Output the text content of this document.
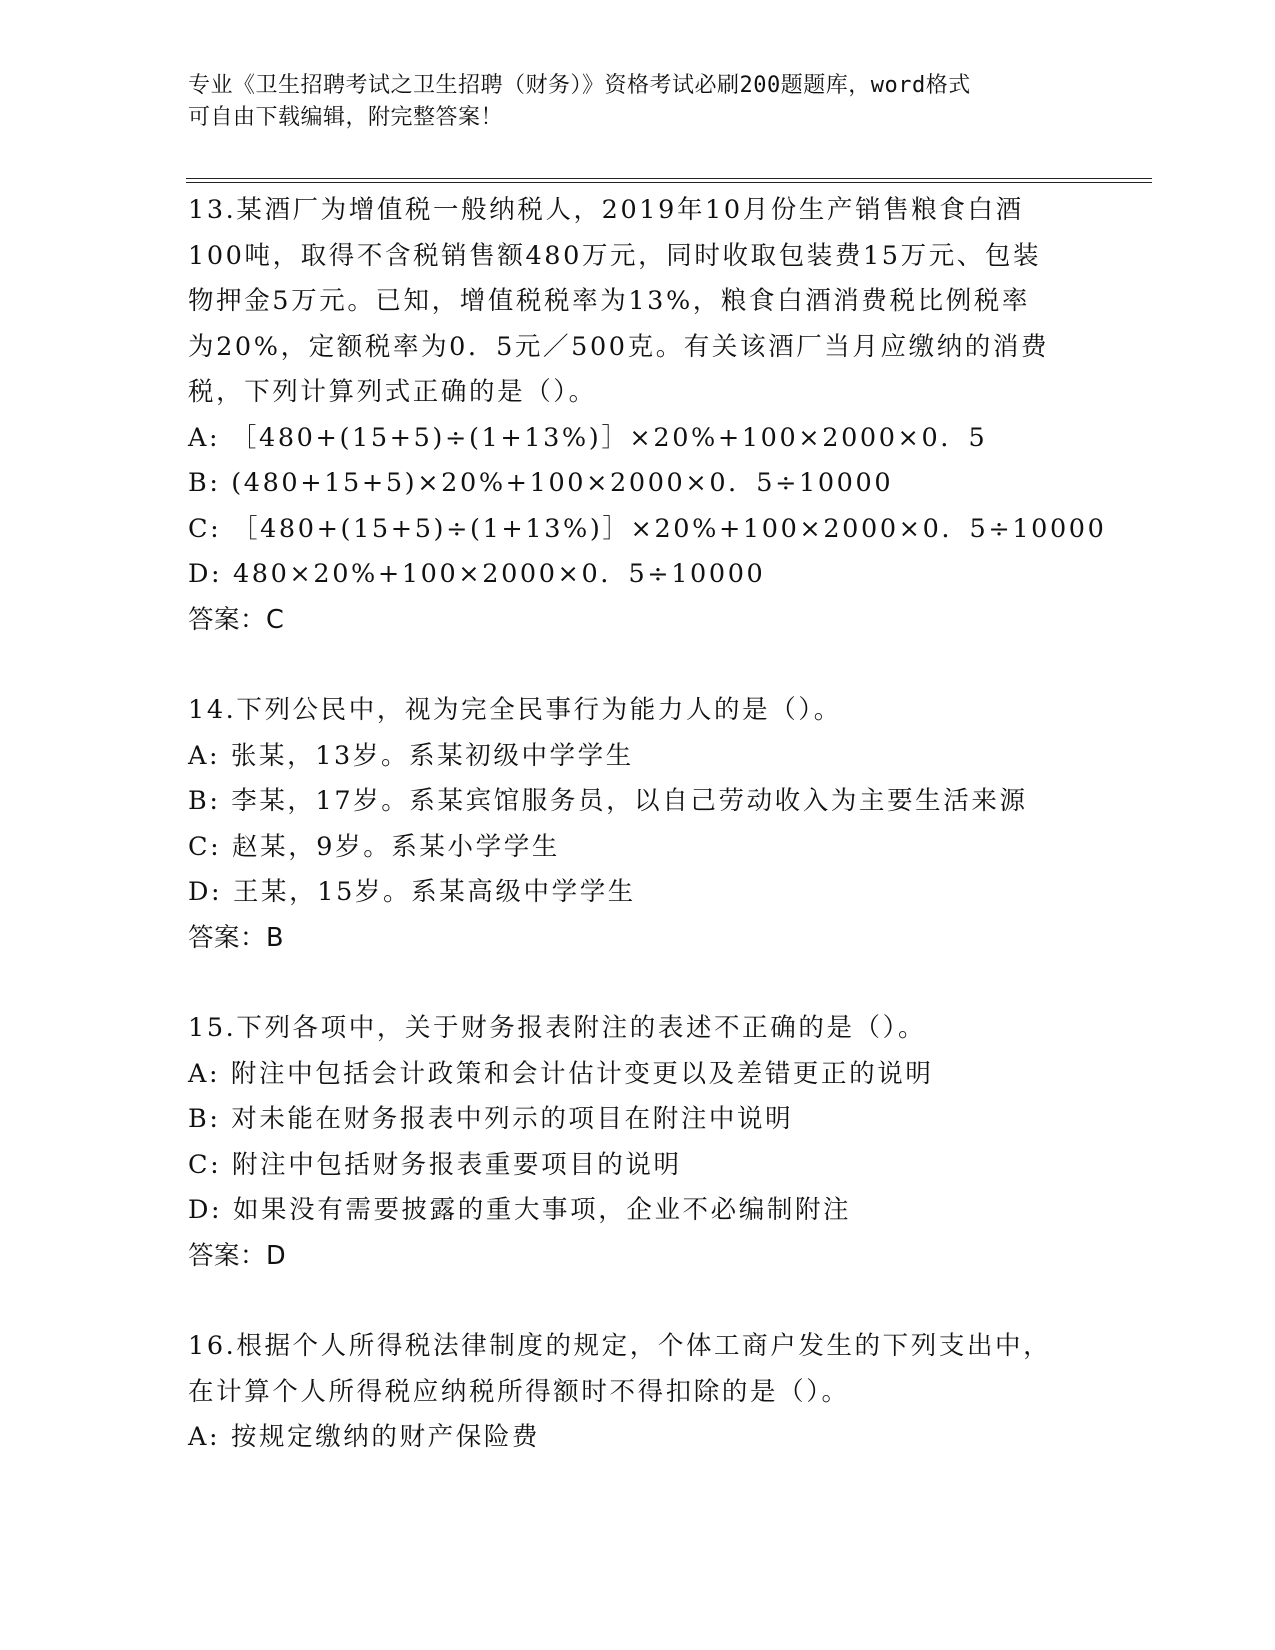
专业《卫生招聘考试之卫生招聘（财务）》资格考试必刷200题题库，word格式
可自由下载编辑，附完整答案！
13.某酒厂为增值税一般纳税人，2019年10月份生产销售粮食白酒
100吨，取得不含税销售额480万元，同时收取包装费15万元、包装
物押金5万元。已知，增值税税率为13%，粮食白酒消费税比例税率
为20%，定额税率为0．5元／500克。有关该酒厂当月应缴纳的消费
税，下列计算列式正确的是（）。
A: ［480+(15+5)÷(1+13%)］×20%+100×2000×0．5
B: (480+15+5)×20%+100×2000×0．5÷10000
C: ［480+(15+5)÷(1+13%)］×20%+100×2000×0．5÷10000
D: 480×20%+100×2000×0．5÷10000
答案：C
14.下列公民中，视为完全民事行为能力人的是（）。
A: 张某，13岁。系某初级中学学生
B: 李某，17岁。系某宾馆服务员，以自己劳动收入为主要生活来源
C: 赵某，9岁。系某小学学生
D: 王某，15岁。系某高级中学学生
答案：B
15.下列各项中，关于财务报表附注的表述不正确的是（）。
A: 附注中包括会计政策和会计估计变更以及差错更正的说明
B: 对未能在财务报表中列示的项目在附注中说明
C: 附注中包括财务报表重要项目的说明
D: 如果没有需要披露的重大事项，企业不必编制附注
答案：D
16.根据个人所得税法律制度的规定，个体工商户发生的下列支出中，
在计算个人所得税应纳税所得额时不得扣除的是（）。
A: 按规定缴纳的财产保险费
